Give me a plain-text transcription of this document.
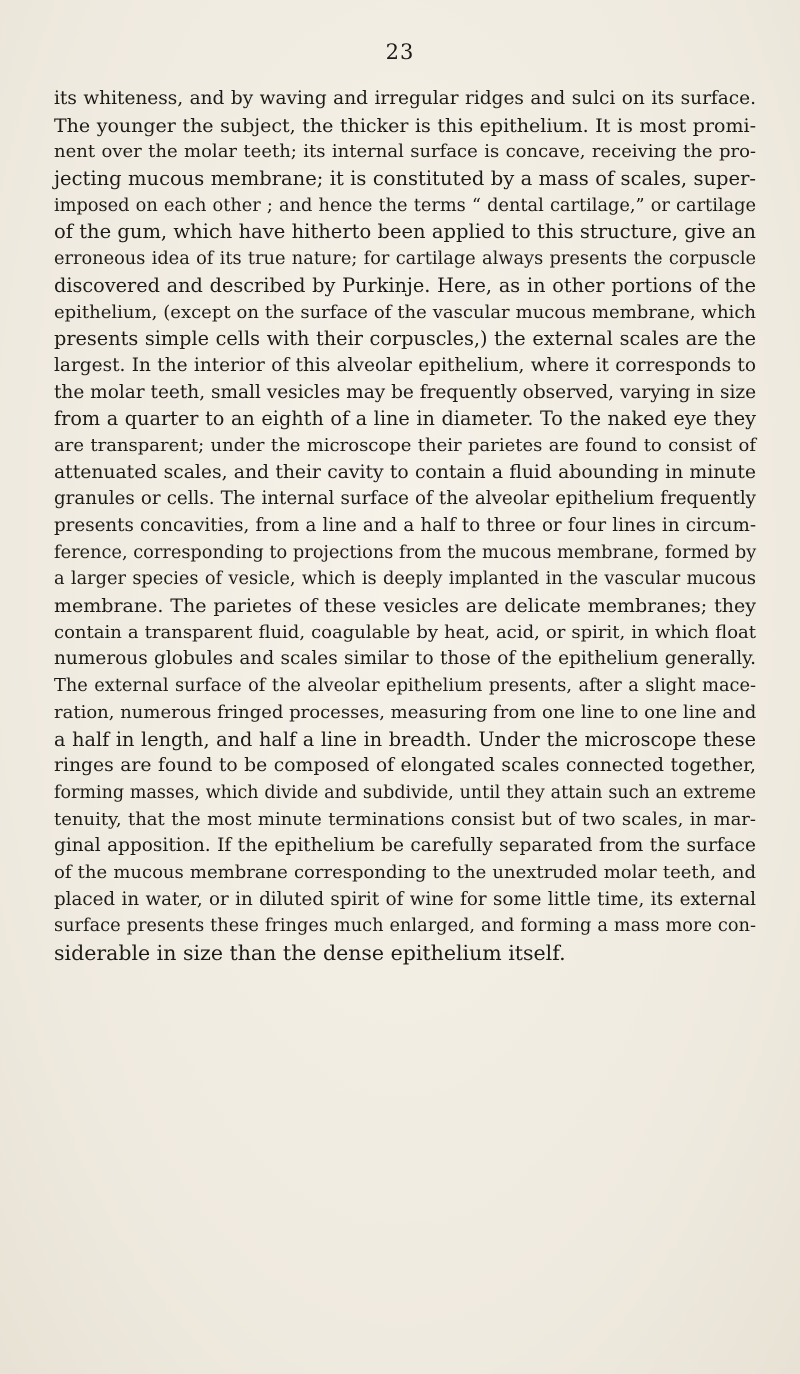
23
its whiteness, and by waving and irregular ridges and sulci on its surface.
The younger the subject, the thicker is this epithelium. It is most promi-
nent over the molar teeth; its internal surface is concave, receiving the pro-
jecting mucous membrane; it is constituted by a mass of scales, super-
imposed on each other ; and hence the terms “ dental cartilage,” or cartilage
of the gum, which have hitherto been applied to this structure, give an
erroneous idea of its true nature; for cartilage always presents the corpuscle
discovered and described by Purkinje. Here, as in other portions of the
epithelium, (except on the surface of the vascular mucous membrane, which
presents simple cells with their corpuscles,) the external scales are the
largest. In the interior of this alveolar epithelium, where it corresponds to
the molar teeth, small vesicles may be frequently observed, varying in size
from a quarter to an eighth of a line in diameter. To the naked eye they
are transparent; under the microscope their parietes are found to consist of
attenuated scales, and their cavity to contain a fluid abounding in minute
granules or cells. The internal surface of the alveolar epithelium frequently
presents concavities, from a line and a half to three or four lines in circum-
ference, corresponding to projections from the mucous membrane, formed by
a larger species of vesicle, which is deeply implanted in the vascular mucous
membrane. The parietes of these vesicles are delicate membranes; they
contain a transparent fluid, coagulable by heat, acid, or spirit, in which float
numerous globules and scales similar to those of the epithelium generally.
The external surface of the alveolar epithelium presents, after a slight mace-
ration, numerous fringed processes, measuring from one line to one line and
a half in length, and half a line in breadth. Under the microscope these
ringes are found to be composed of elongated scales connected together,
forming masses, which divide and subdivide, until they attain such an extreme
tenuity, that the most minute terminations consist but of two scales, in mar-
ginal apposition. If the epithelium be carefully separated from the surface
of the mucous membrane corresponding to the unextruded molar teeth, and
placed in water, or in diluted spirit of wine for some little time, its external
surface presents these fringes much enlarged, and forming a mass more con-
siderable in size than the dense epithelium itself.
